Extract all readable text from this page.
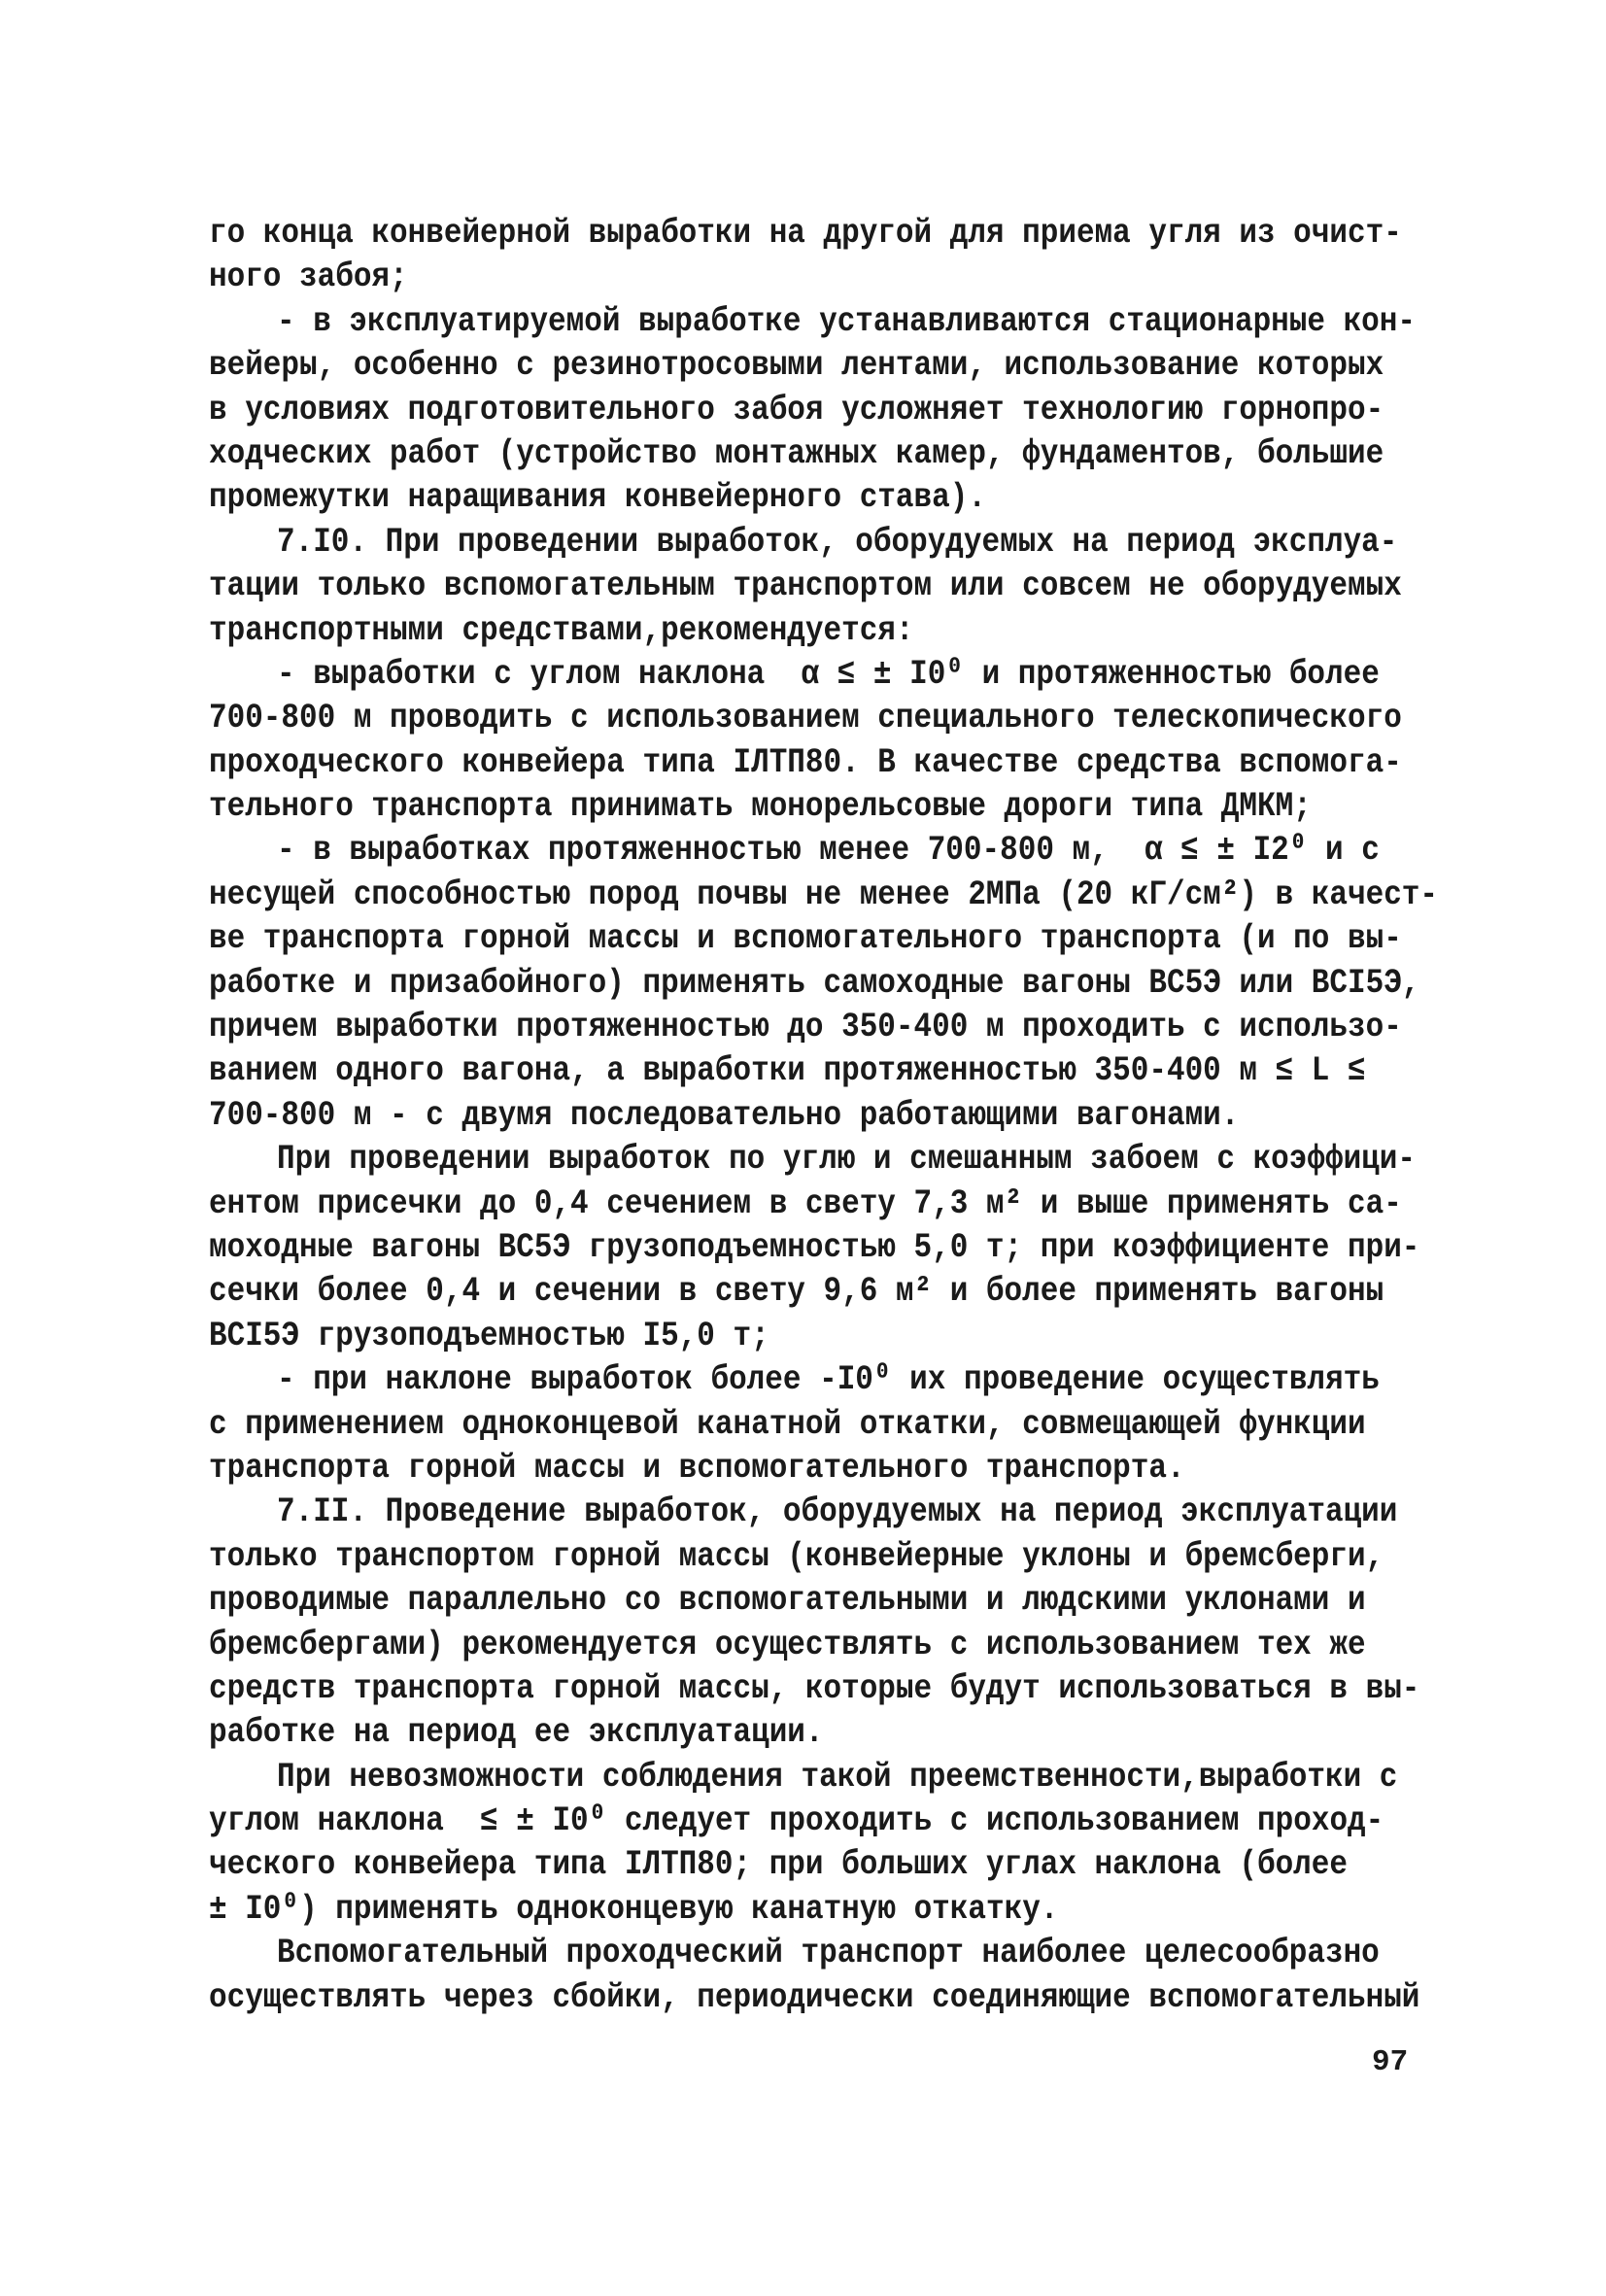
го конца конвейерной выработки на другой для приема угля из очист-
ного забоя;
- в эксплуатируемой выработке устанавливаются стационарные кон-
вейеры, особенно с резинотросовыми лентами, использование которых
в условиях подготовительного забоя усложняет технологию горнопро-
ходческих работ (устройство монтажных камер, фундаментов, большие
промежутки наращивания конвейерного става).
7.I0. При проведении выработок, оборудуемых на период эксплуа-
тации только вспомогательным транспортом или совсем не оборудуемых
транспортными средствами,рекомендуется:
- выработки с углом наклона  α ≤ ± I0⁰ и протяженностью более
700-800 м проводить с использованием специального телескопического
проходческого конвейера типа IЛТП80. В качестве средства вспомога-
тельного транспорта принимать монорельсовые дороги типа ДМКМ;
- в выработках протяженностью менее 700-800 м,  α ≤ ± I2⁰ и с
несущей способностью пород почвы не менее 2МПа (20 кГ/см²) в качест-
ве транспорта горной массы и вспомогательного транспорта (и по вы-
работке и призабойного) применять самоходные вагоны ВС5Э или ВСI5Э,
причем выработки протяженностью до 350-400 м проходить с использо-
ванием одного вагона, а выработки протяженностью 350-400 м ≤ L ≤
700-800 м - с двумя последовательно работающими вагонами.
При проведении выработок по углю и смешанным забоем с коэффици-
ентом присечки до 0,4 сечением в свету 7,3 м² и выше применять са-
моходные вагоны ВС5Э грузоподъемностью 5,0 т; при коэффициенте при-
сечки более 0,4 и сечении в свету 9,6 м² и более применять вагоны
ВСI5Э грузоподъемностью I5,0 т;
- при наклоне выработок более -I0⁰ их проведение осуществлять
с применением одноконцевой канатной откатки, совмещающей функции
транспорта горной массы и вспомогательного транспорта.
7.II. Проведение выработок, оборудуемых на период эксплуатации
только транспортом горной массы (конвейерные уклоны и бремсберги,
проводимые параллельно со вспомогательными и людскими уклонами и
бремсбергами) рекомендуется осуществлять с использованием тех же
средств транспорта горной массы, которые будут использоваться в вы-
работке на период ее эксплуатации.
При невозможности соблюдения такой преемственности,выработки с
углом наклона  ≤ ± I0⁰ следует проходить с использованием проход-
ческого конвейера типа IЛТП80; при больших углах наклона (более
± I0⁰) применять одноконцевую канатную откатку.
Вспомогательный проходческий транспорт наиболее целесообразно
осуществлять через сбойки, периодически соединяющие вспомогательный
97
